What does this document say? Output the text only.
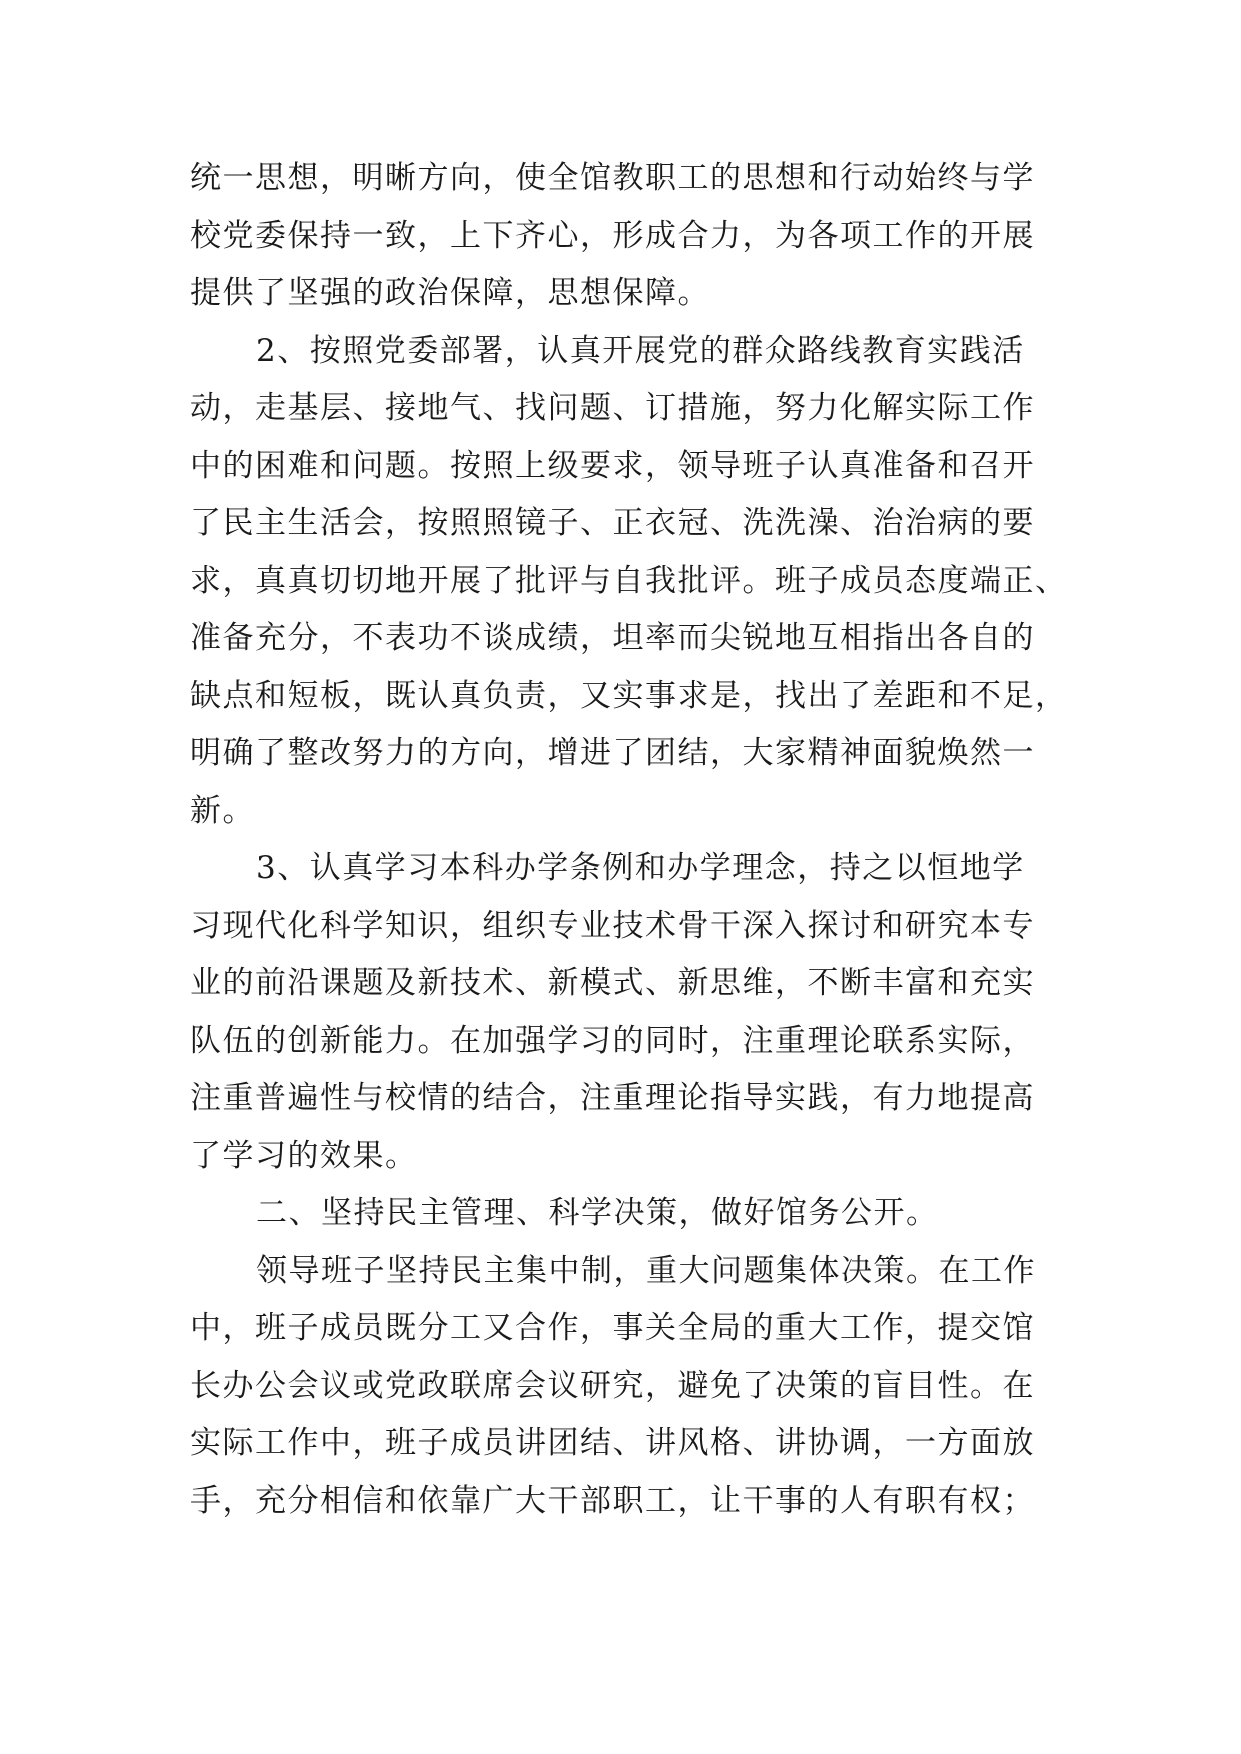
统一思想，明晰方向，使全馆教职工的思想和行动始终与学
校党委保持一致，上下齐心，形成合力，为各项工作的开展
提供了坚强的政治保障，思想保障。
2、按照党委部署，认真开展党的群众路线教育实践活
动，走基层、接地气、找问题、订措施，努力化解实际工作
中的困难和问题。按照上级要求，领导班子认真准备和召开
了民主生活会，按照照镜子、正衣冠、洗洗澡、治治病的要
求，真真切切地开展了批评与自我批评。班子成员态度端正、
准备充分，不表功不谈成绩，坦率而尖锐地互相指出各自的
缺点和短板，既认真负责，又实事求是，找出了差距和不足，
明确了整改努力的方向，增进了团结，大家精神面貌焕然一
新。
3、认真学习本科办学条例和办学理念，持之以恒地学
习现代化科学知识，组织专业技术骨干深入探讨和研究本专
业的前沿课题及新技术、新模式、新思维，不断丰富和充实
队伍的创新能力。在加强学习的同时，注重理论联系实际，
注重普遍性与校情的结合，注重理论指导实践，有力地提高
了学习的效果。
二、坚持民主管理、科学决策，做好馆务公开。
领导班子坚持民主集中制，重大问题集体决策。在工作
中，班子成员既分工又合作，事关全局的重大工作，提交馆
长办公会议或党政联席会议研究，避免了决策的盲目性。在
实际工作中，班子成员讲团结、讲风格、讲协调，一方面放
手，充分相信和依靠广大干部职工，让干事的人有职有权；
